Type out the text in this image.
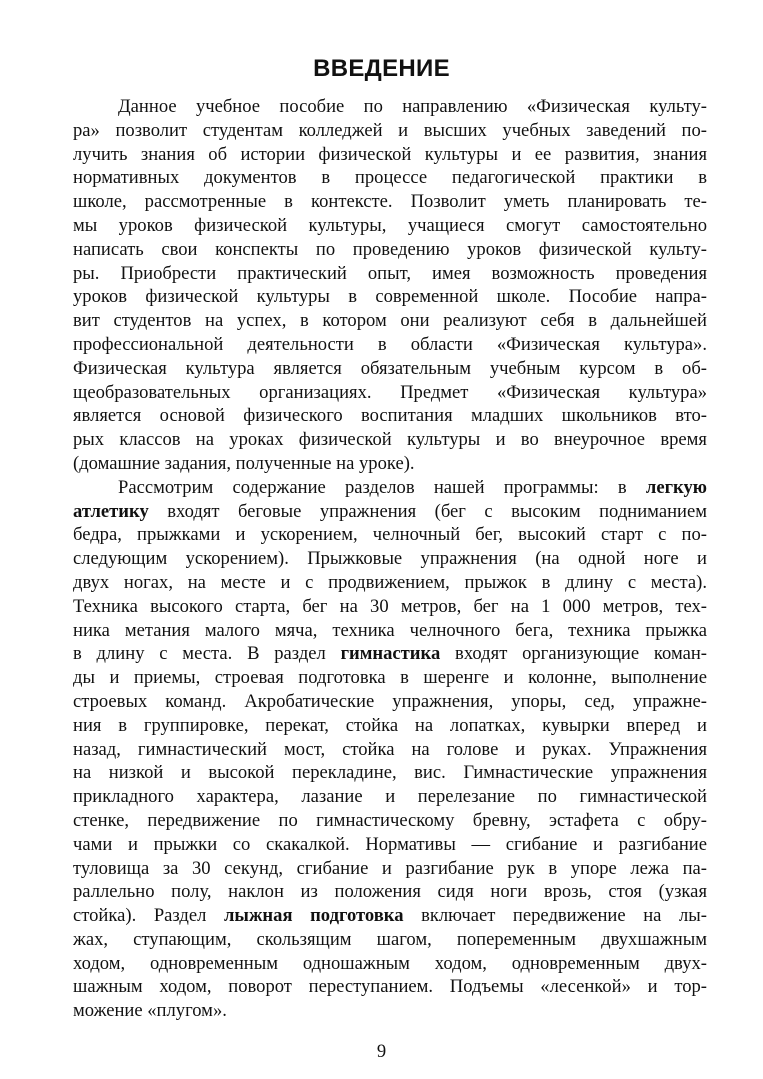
ВВЕДЕНИЕ
Данное учебное пособие по направлению «Физическая культу-
ра» позволит студентам колледжей и высших учебных заведений по-
лучить знания об истории физической культуры и ее развития, знания
нормативных документов в процессе педагогической практики в
школе, рассмотренные в контексте. Позволит уметь планировать те-
мы уроков физической культуры, учащиеся смогут самостоятельно
написать свои конспекты по проведению уроков физической культу-
ры. Приобрести практический опыт, имея возможность проведения
уроков физической культуры в современной школе. Пособие напра-
вит студентов на успех, в котором они реализуют себя в дальнейшей
профессиональной деятельности в области «Физическая культура».
Физическая культура является обязательным учебным курсом в об-
щеобразовательных организациях. Предмет «Физическая культура»
является основой физического воспитания младших школьников вто-
рых классов на уроках физической культуры и во внеурочное время
(домашние задания, полученные на уроке).
Рассмотрим содержание разделов нашей программы: в легкую
атлетику входят беговые упражнения (бег с высоким подниманием
бедра, прыжками и ускорением, челночный бег, высокий старт с по-
следующим ускорением). Прыжковые упражнения (на одной ноге и
двух ногах, на месте и с продвижением, прыжок в длину с места).
Техника высокого старта, бег на 30 метров, бег на 1 000 метров, тех-
ника метания малого мяча, техника челночного бега, техника прыжка
в длину с места. В раздел гимнастика входят организующие коман-
ды и приемы, строевая подготовка в шеренге и колонне, выполнение
строевых команд. Акробатические упражнения, упоры, сед, упражне-
ния в группировке, перекат, стойка на лопатках, кувырки вперед и
назад, гимнастический мост, стойка на голове и руках. Упражнения
на низкой и высокой перекладине, вис. Гимнастические упражнения
прикладного характера, лазание и перелезание по гимнастической
стенке, передвижение по гимнастическому бревну, эстафета с обру-
чами и прыжки со скакалкой. Нормативы — сгибание и разгибание
туловища за 30 секунд, сгибание и разгибание рук в упоре лежа па-
раллельно полу, наклон из положения сидя ноги врозь, стоя (узкая
стойка). Раздел лыжная подготовка включает передвижение на лы-
жах, ступающим, скользящим шагом, попеременным двухшажным
ходом, одновременным одношажным ходом, одновременным двух-
шажным ходом, поворот переступанием. Подъемы «лесенкой» и тор-
можение «плугом».
9
